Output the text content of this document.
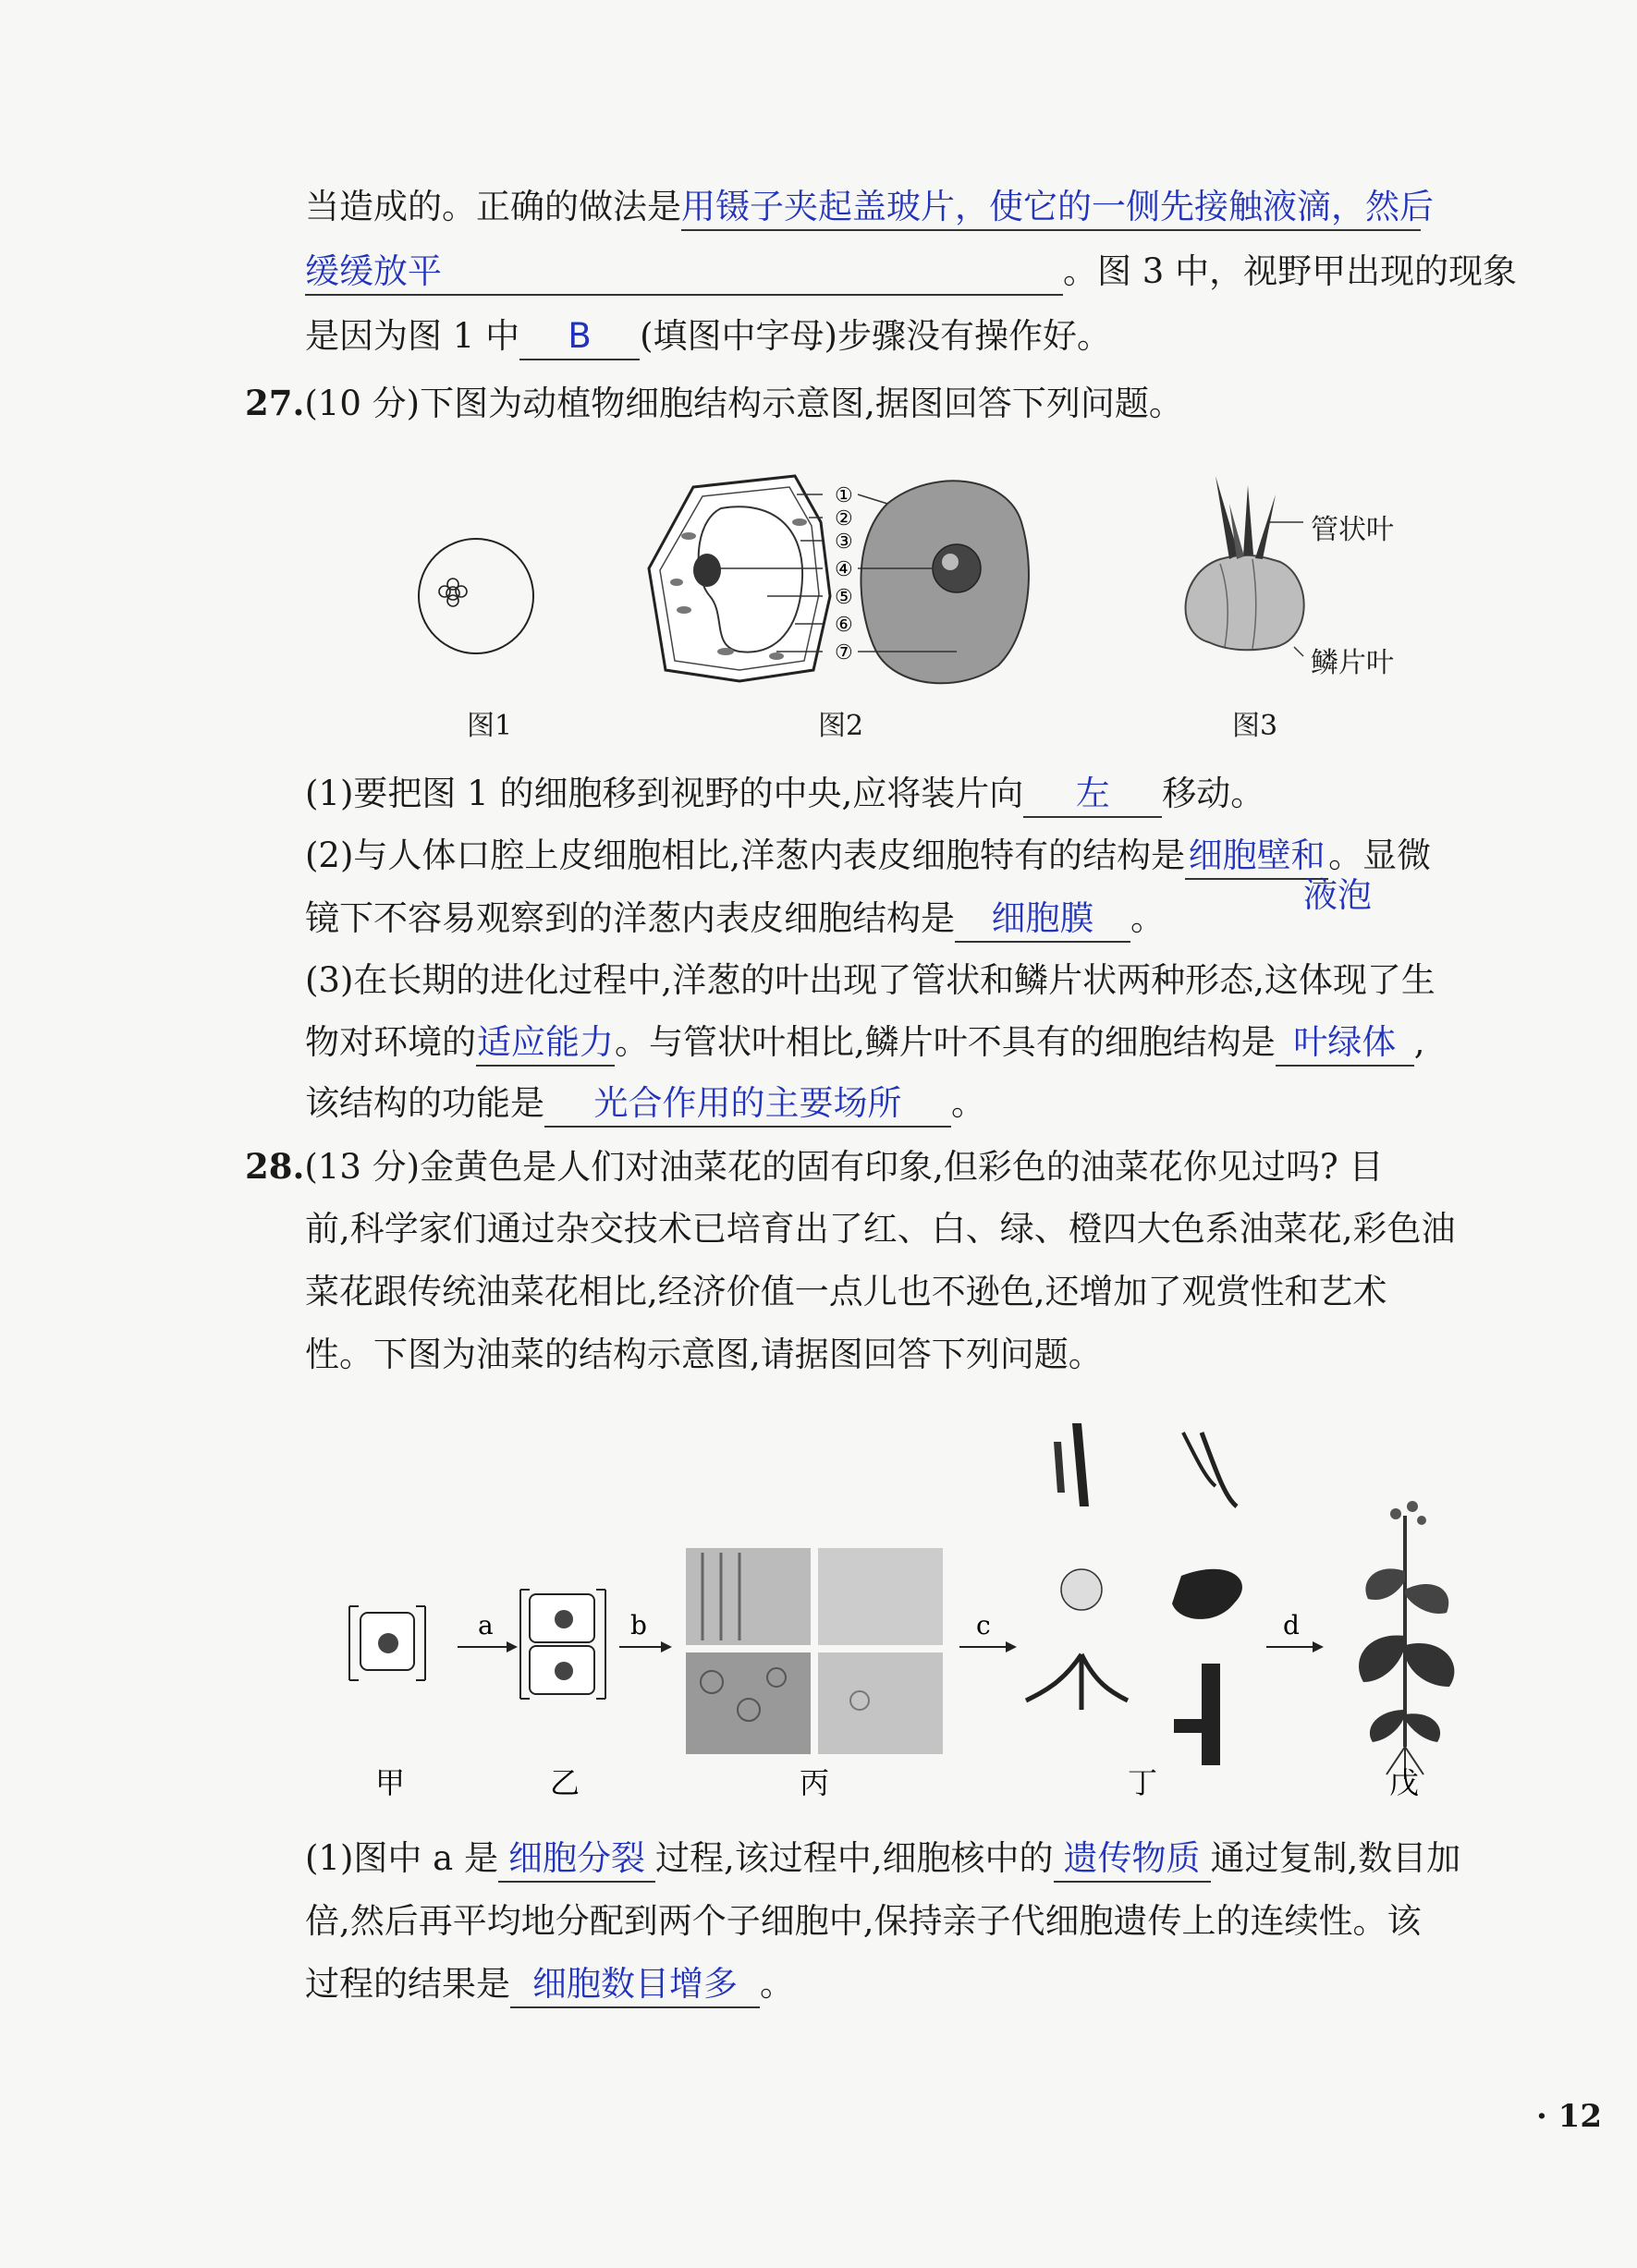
当造成的。正确的做法是用镊子夹起盖玻片，使它的一侧先接触液滴，然后
缓缓放平	。图 3 中，视野甲出现的现象
是因为图 1 中 B (填图中字母)步骤没有操作好。
27.(10 分)下图为动植物细胞结构示意图,据图回答下列问题。
图1
①
②
③
④
⑤
⑥
⑦
图2
管状叶
鳞片叶
图3
(1)要把图 1 的细胞移到视野的中央,应将装片向 左 移动。
(2)与人体口腔上皮细胞相比,洋葱内表皮细胞特有的结构是细胞壁和。显微
液泡
镜下不容易观察到的洋葱内表皮细胞结构是 细胞膜 。
(3)在长期的进化过程中,洋葱的叶出现了管状和鳞片状两种形态,这体现了生
物对环境的适应能力。与管状叶相比,鳞片叶不具有的细胞结构是 叶绿体 ,
该结构的功能是 光合作用的主要场所 。
28.(13 分)金黄色是人们对油菜花的固有印象,但彩色的油菜花你见过吗? 目
前,科学家们通过杂交技术已培育出了红、白、绿、橙四大色系油菜花,彩色油
菜花跟传统油菜花相比,经济价值一点儿也不逊色,还增加了观赏性和艺术
性。下图为油菜的结构示意图,请据图回答下列问题。
a	b	c	d
甲	乙	丙	丁	戊
(1)图中 a 是 细胞分裂 过程,该过程中,细胞核中的 遗传物质 通过复制,数目加
倍,然后再平均地分配到两个子细胞中,保持亲子代细胞遗传上的连续性。该
过程的结果是 细胞数目增多 。
· 12
